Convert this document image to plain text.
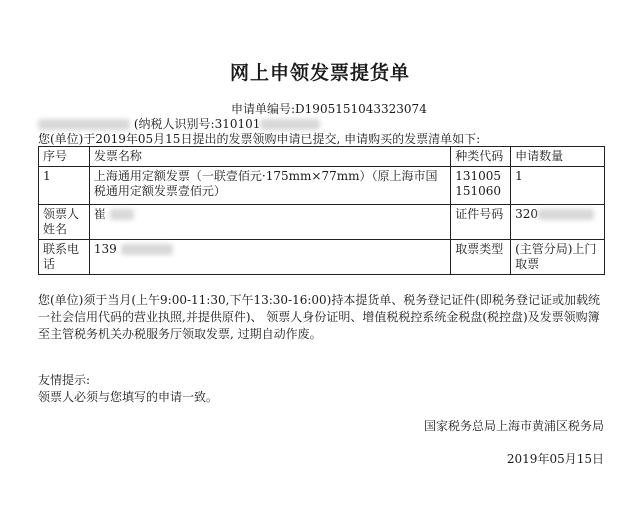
网上申领发票提货单
申请单编号:D1905151043323074
(纳税人识别号:310101
您(单位)于2019年05月15日提出的发票领购申请已提交, 申请购买的发票清单如下:
序号	发票名称	种类代码	申请数量
1	上海通用定额发票（一联壹佰元·175mm×77mm）（原上海市国税通用定额发票壹佰元）	131005151060	1
领票人姓名	崔	证件号码	320
联系电话	139	取票类型	(主管分局)上门取票
您(单位)须于当月(上午9:00-11:30,下午13:30-16:00)持本提货单、税务登记证件(即税务登记证或加载统一社会信用代码的营业执照,并提供原件)、 领票人身份证明、增值税税控系统金税盘(税控盘)及发票领购簿至主管税务机关办税服务厅领取发票, 过期自动作废。
友情提示:
领票人必须与您填写的申请一致。
国家税务总局上海市黄浦区税务局
2019年05月15日
